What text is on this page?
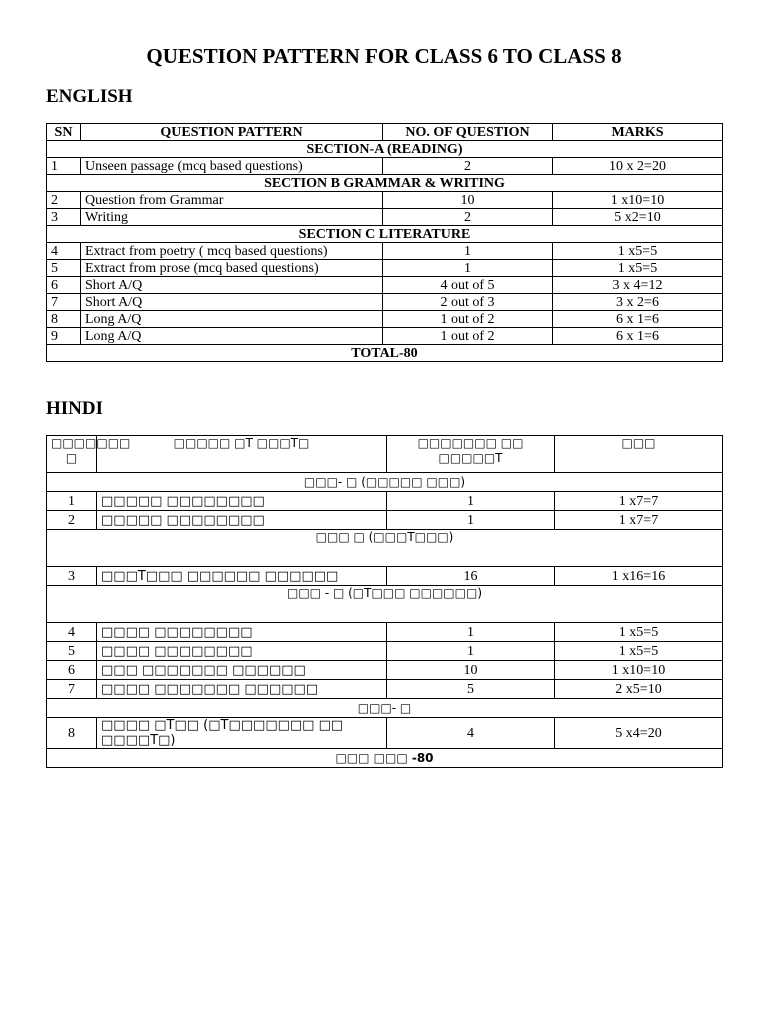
QUESTION PATTERN FOR CLASS 6 TO CLASS 8
ENGLISH
SN	QUESTION PATTERN	NO. OF QUESTION	MARKS
SECTION-A (READING)			
1	Unseen passage (mcq based questions)	2	10 x 2=20
SECTION B GRAMMAR & WRITING			
2	Question from Grammar	10	1 x10=10
3	Writing	2	5 x2=10
SECTION C LITERATURE			
4	Extract from poetry ( mcq based questions)	1	1 x5=5
5	Extract from prose (mcq based questions)	1	1 x5=5
6	Short A/Q	4 out of 5	3 x 4=12
7	Short A/Q	2 out of 3	3 x 2=6
8	Long A/Q	1 out of 2	6 x 1=6
9	Long A/Q	1 out of 2	6 x 1=6
TOTAL-80			
HINDI
□□□□□□□ □	□□□□□ □T □□□T□	□□□□□□□ □□ □□□□□T	□□□
□□□- □ (□□□□□ □□□)			
1	□□□□□ □□□□□□□□	1	1 x7=7
2	□□□□□ □□□□□□□□	1	1 x7=7
□□□ □ (□□□T□□□)			
3	□□□T□□□ □□□□□□ □□□□□□	16	1 x16=16
□□□ - □ (□T□□□ □□□□□□)			
4	□□□□ □□□□□□□□	1	1 x5=5
5	□□□□ □□□□□□□□	1	1 x5=5
6	□□□ □□□□□□□ □□□□□□	10	1 x10=10
7	□□□□ □□□□□□□ □□□□□□	5	2 x5=10
□□□- □			
8	□□□□ □T□□ (□T□□□□□□□ □□ □□□□T□)	4	5 x4=20
□□□ □□□ -80			
